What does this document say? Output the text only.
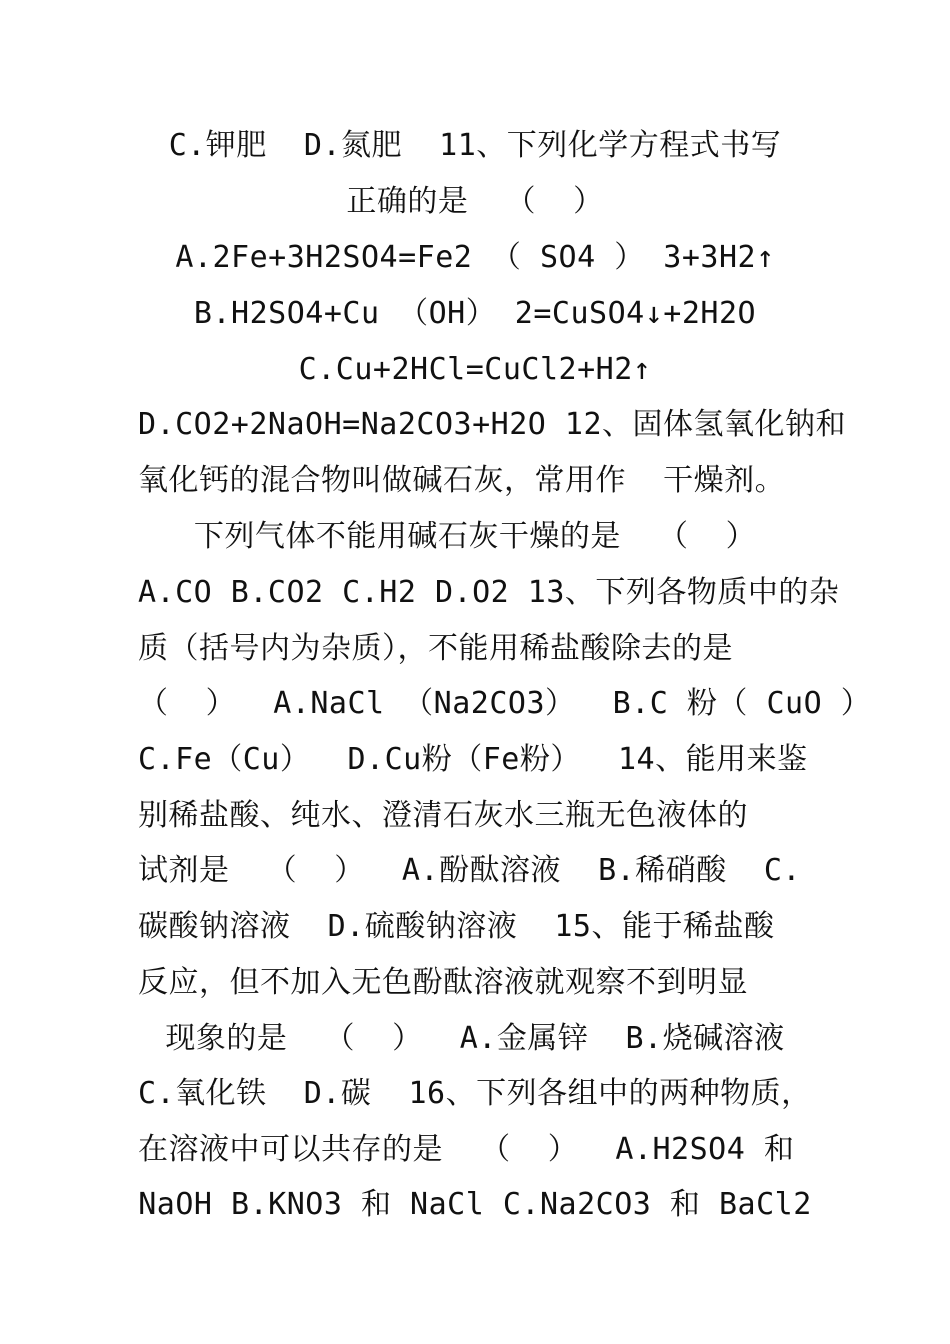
C.钾肥  D.氮肥  11、下列化学方程式书写
正确的是  （  ）
A.2Fe+3H2SO4=Fe2 （ SO4 ） 3+3H2↑
B.H2SO4+Cu （OH） 2=CuSO4↓+2H2O
C.Cu+2HCl=CuCl2+H2↑
D.CO2+2NaOH=Na2CO3+H2O 12、固体氢氧化钠和
氧化钙的混合物叫做碱石灰，常用作  干燥剂。
下列气体不能用碱石灰干燥的是  （  ）
A.CO B.CO2 C.H2 D.O2 13、下列各物质中的杂
质（括号内为杂质），不能用稀盐酸除去的是
（  ）  A.NaCl （Na2CO3）  B.C 粉（ CuO ）
C.Fe（Cu）  D.Cu粉（Fe粉）  14、能用来鉴
别稀盐酸、纯水、澄清石灰水三瓶无色液体的
试剂是  （  ）  A.酚酞溶液  B.稀硝酸  C.
碳酸钠溶液  D.硫酸钠溶液  15、能于稀盐酸
反应，但不加入无色酚酞溶液就观察不到明显
现象的是  （  ）  A.金属锌  B.烧碱溶液
C.氧化铁  D.碳  16、下列各组中的两种物质，
在溶液中可以共存的是  （  ）  A.H2SO4 和
NaOH B.KNO3 和 NaCl C.Na2CO3 和 BaCl2
